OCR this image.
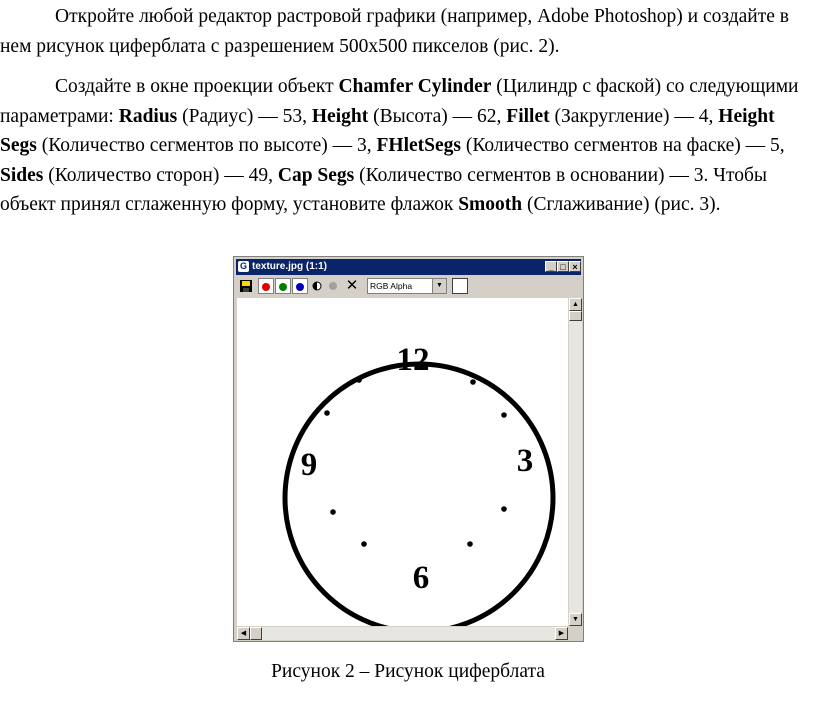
Откройте любой редактор растровой графики (например, Adobe Photoshop) и создайте в нем рисунок циферблата с разрешением 500х500 пикселов (рис. 2).

Создайте в окне проекции объект Chamfer Cylinder (Цилиндр с фаской) со следующими параметрами: Radius (Радиус) — 53, Height (Высота) — 62, Fillet (Закругление) — 4, Height Segs (Количество сегментов по высоте) — 3, FHletSegs (Количество сегментов на фаске) — 5, Sides (Количество сторон) — 49, Cap Segs (Количество сегментов в основании) — 3. Чтобы объект принял сглаженную форму, установите флажок Smooth (Сглаживание) (рис. 3).

G texture.jpg (1:1)	_ □ ×
✕	RGB Alpha	▼
12
3
6
9
▲
▼
◀	▶
Рисунок 2 – Рисунок циферблата
